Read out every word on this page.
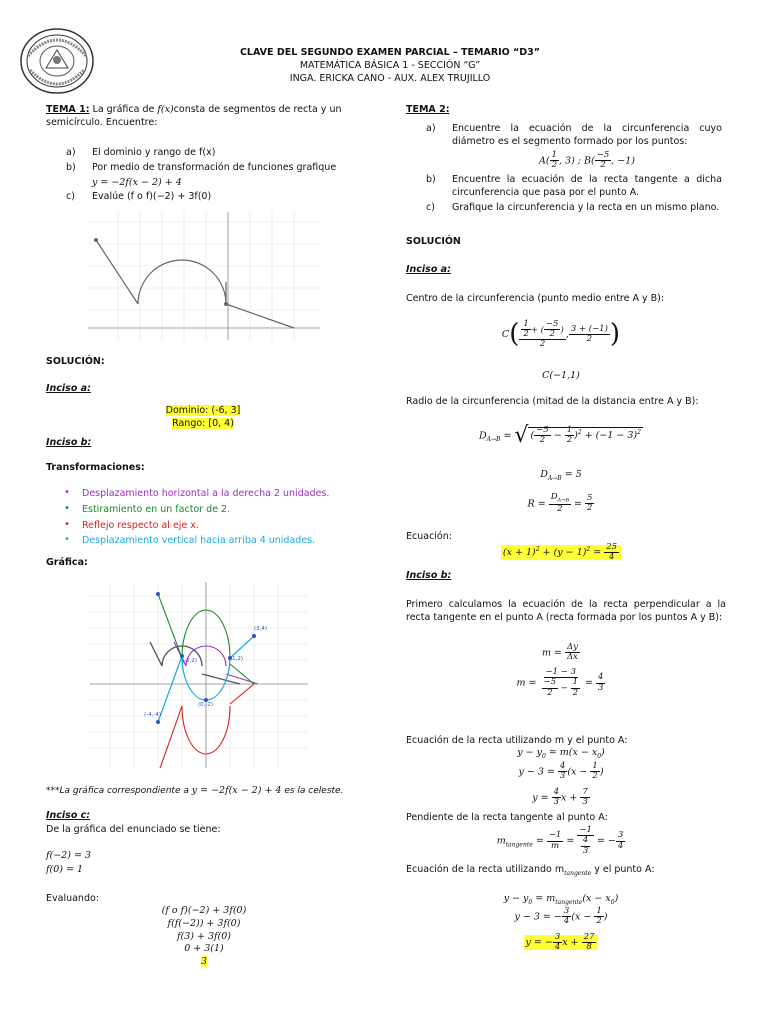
CLAVE DEL SEGUNDO EXAMEN PARCIAL – TEMARIO “D3”
MATEMÁTICA BÁSICA 1 - SECCIÓN “G”
INGA. ERICKA CANO - AUX. ALEX TRUJILLO
TEMA 1: La gráfica de f(x)consta de segmentos de recta y un semicírculo. Encuentre:
a)	El dominio y rango de f(x)
b)	Por medio de transformación de funciones grafique
y = −2f(x − 2) + 4
c)	Evalúe (f o f)(−2) + 3f(0)
SOLUCIÓN:
Inciso a:
Dominio: (-6, 3]
Rango: [0, 4)
Inciso b:
Transformaciones:
• Desplazamiento horizontal a la derecha 2 unidades.
• Estiramiento en un factor de 2.
• Reflejo respecto al eje x.
• Desplazamiento vertical hacia arriba 4 unidades.
Gráfica:
(3,4)
(-2,2)	(1,2)
(0,-2)
(-4,-4)
***La gráfica correspondiente a y = −2f(x − 2) + 4 es la celeste.
Inciso c:
De la gráfica del enunciado se tiene:
f(−2) = 3
f(0) = 1
Evaluando:
(f o f)(−2) + 3f(0)
f(f(−2)) + 3f(0)
f(3) + 3f(0)
0 + 3(1)
3
TEMA 2:
a)	Encuentre la ecuación de la circunferencia cuyo diámetro es el segmento formado por los puntos:
$A( \frac{1}{2}$ , 3) ; $B( \frac{-5}{2}$ , −1)
b)	Encuentre la ecuación de la recta tangente a dicha circunferencia que pasa por el punto A.
c)	Grafique la circunferencia y la recta en un mismo plano.
SOLUCIÓN
Inciso a:
Centro de la circunferencia (punto medio entre A y B):
$C( \frac{\frac{1}{2} + ( \frac{-5}{2} )}{2}$ , $\frac{3 + (-1)}{2}$ )
C(−1,1)
Radio de la circunferencia (mitad de la distancia entre A y B):
$D_{A\to B}$ = √ ( $\frac{-5}{2} - \frac{1}{2} )^2 + (-1 - 3)^2$
$D_{A\to B} = 5$
$R = \frac{D_{A\to B}}{2} = \frac{5}{2}$
Ecuación:
$(x + 1)^2 + (y - 1)^2 = \frac{25}{4}$
Inciso b:
Primero calculamos la ecuación de la recta perpendicular a la recta tangente en el punto A (recta formada por los puntos A y B):
$m = \frac{\Delta y}{\Delta x}$
$m = \frac{-1 - 3}{\frac{-5}{2} - \frac{1}{2}} = \frac{4}{3}$
Ecuación de la recta utilizando m y el punto A:
$y - y_0 = m(x - x_0)$
$y - 3 = \frac{4}{3} (x - \frac{1}{2}$ )
$y = \frac{4}{3}$ $x + \frac{7}{3}$
Pendiente de la recta tangente al punto A:
$m_{tangente} = \frac{-1}{m} = \frac{-1}{\frac{4}{3}}$ = − $\frac{3}{4}$
Ecuación de la recta utilizando $m_{tangente}$ y el punto A:
$y - y_0 = m_{tangente}(x - x_0)$
y − 3 = − $\frac{3}{4} (x - \frac{1}{2}$ )
y = − $\frac{3}{4}$ $x + \frac{27}{8}$
